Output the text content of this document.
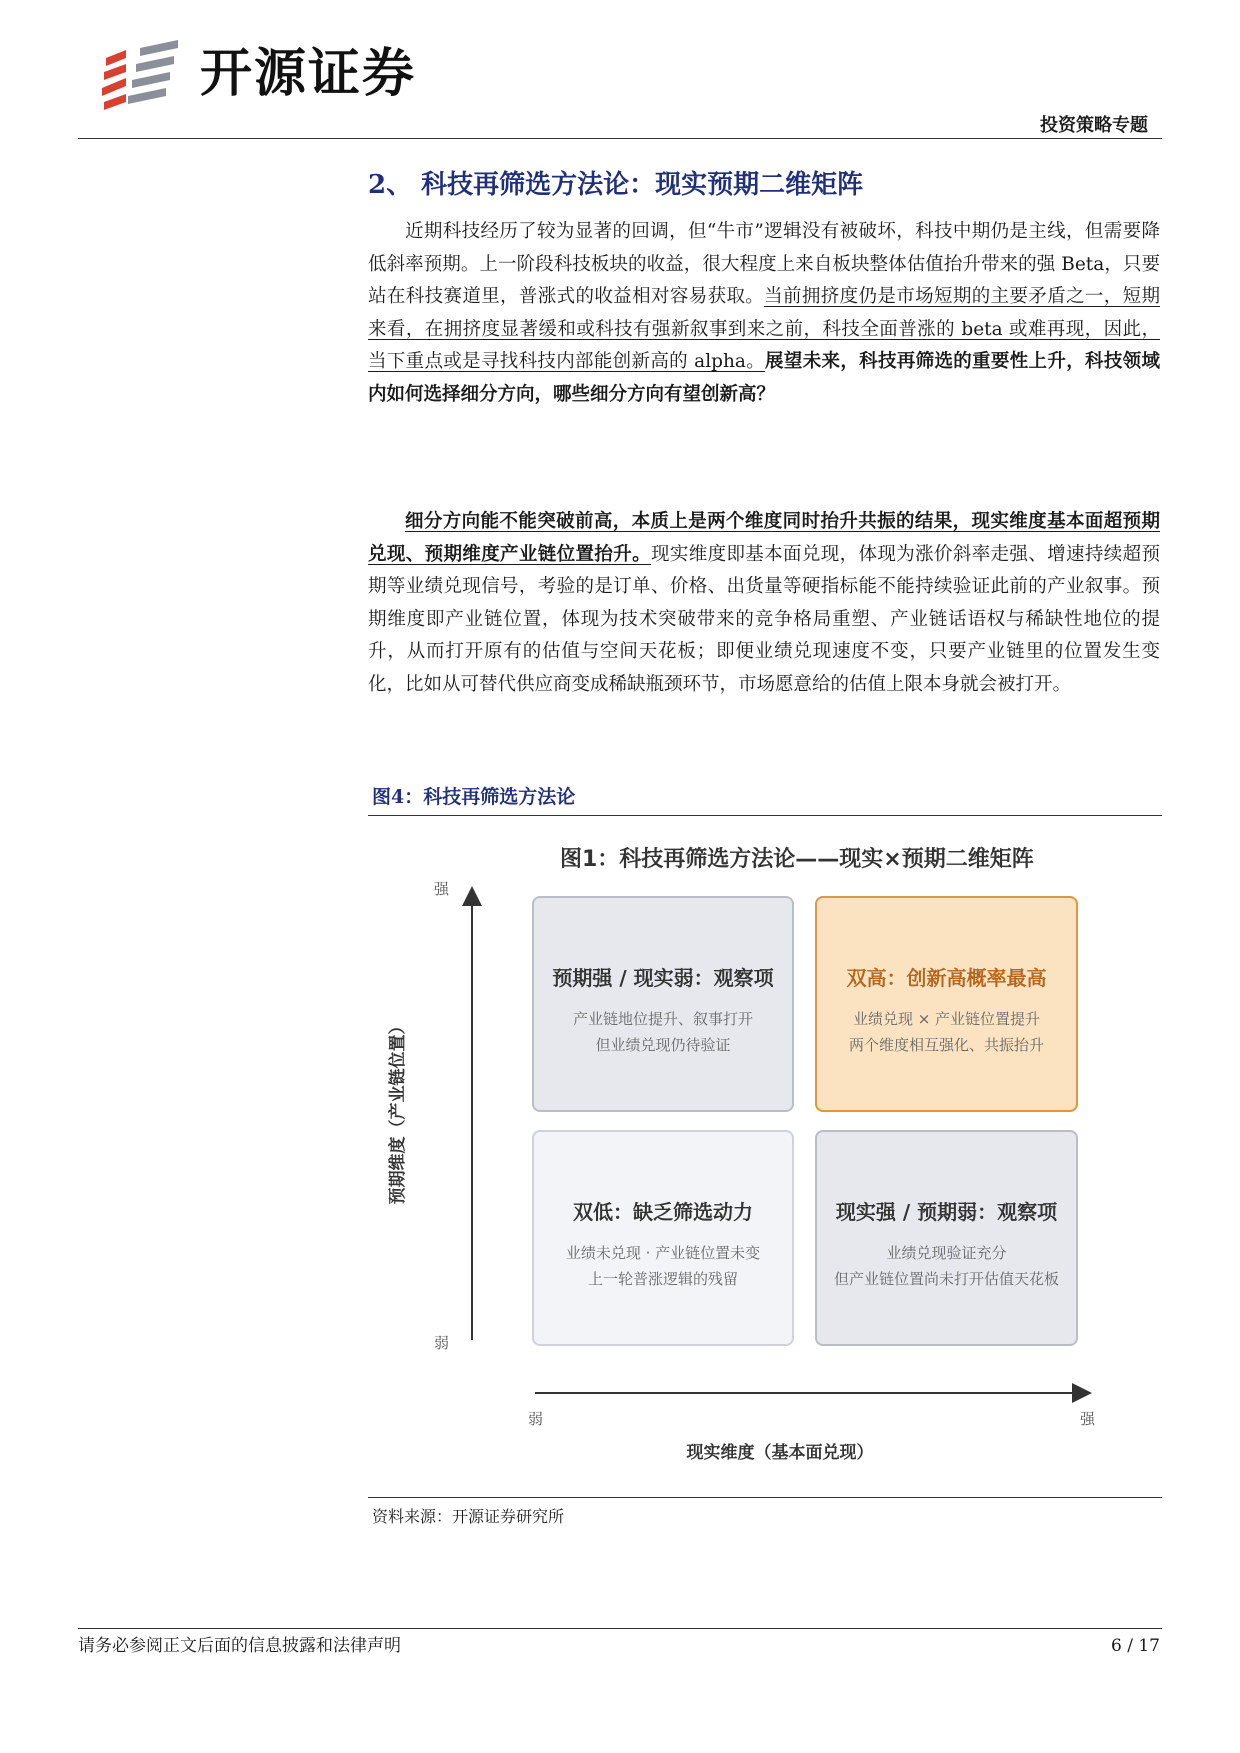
开源证券
投资策略专题
2、 科技再筛选方法论：现实预期二维矩阵

近期科技经历了较为显著的回调，但“牛市”逻辑没有被破坏，科技中期仍是主线，但需要降低斜率预期。上一阶段科技板块的收益，很大程度上来自板块整体估值抬升带来的强 Beta，只要站在科技赛道里，普涨式的收益相对容易获取。当前拥挤度仍是市场短期的主要矛盾之一，短期来看，在拥挤度显著缓和或科技有强新叙事到来之前，科技全面普涨的 beta 或难再现，因此，当下重点或是寻找科技内部能创新高的 alpha。展望未来，科技再筛选的重要性上升，科技领域内如何选择细分方向，哪些细分方向有望创新高？

细分方向能不能突破前高，本质上是两个维度同时抬升共振的结果，现实维度基本面超预期兑现、预期维度产业链位置抬升。现实维度即基本面兑现，体现为涨价斜率走强、增速持续超预期等业绩兑现信号，考验的是订单、价格、出货量等硬指标能不能持续验证此前的产业叙事。预期维度即产业链位置，体现为技术突破带来的竞争格局重塑、产业链话语权与稀缺性地位的提升，从而打开原有的估值与空间天花板；即便业绩兑现速度不变，只要产业链里的位置发生变化，比如从可替代供应商变成稀缺瓶颈环节，市场愿意给的估值上限本身就会被打开。

图4：科技再筛选方法论
图1：科技再筛选方法论——现实×预期二维矩阵
强
弱
预期维度（产业链位置）
弱	强
现实维度（基本面兑现）
预期强 / 现实弱：观察项
产业链地位提升、叙事打开
但业绩兑现仍待验证
双高：创新高概率最高
业绩兑现 × 产业链位置提升
两个维度相互强化、共振抬升
双低：缺乏筛选动力
业绩未兑现 · 产业链位置未变
上一轮普涨逻辑的残留
现实强 / 预期弱：观察项
业绩兑现验证充分
但产业链位置尚未打开估值天花板
资料来源：开源证券研究所
请务必参阅正文后面的信息披露和法律声明	6 / 17
